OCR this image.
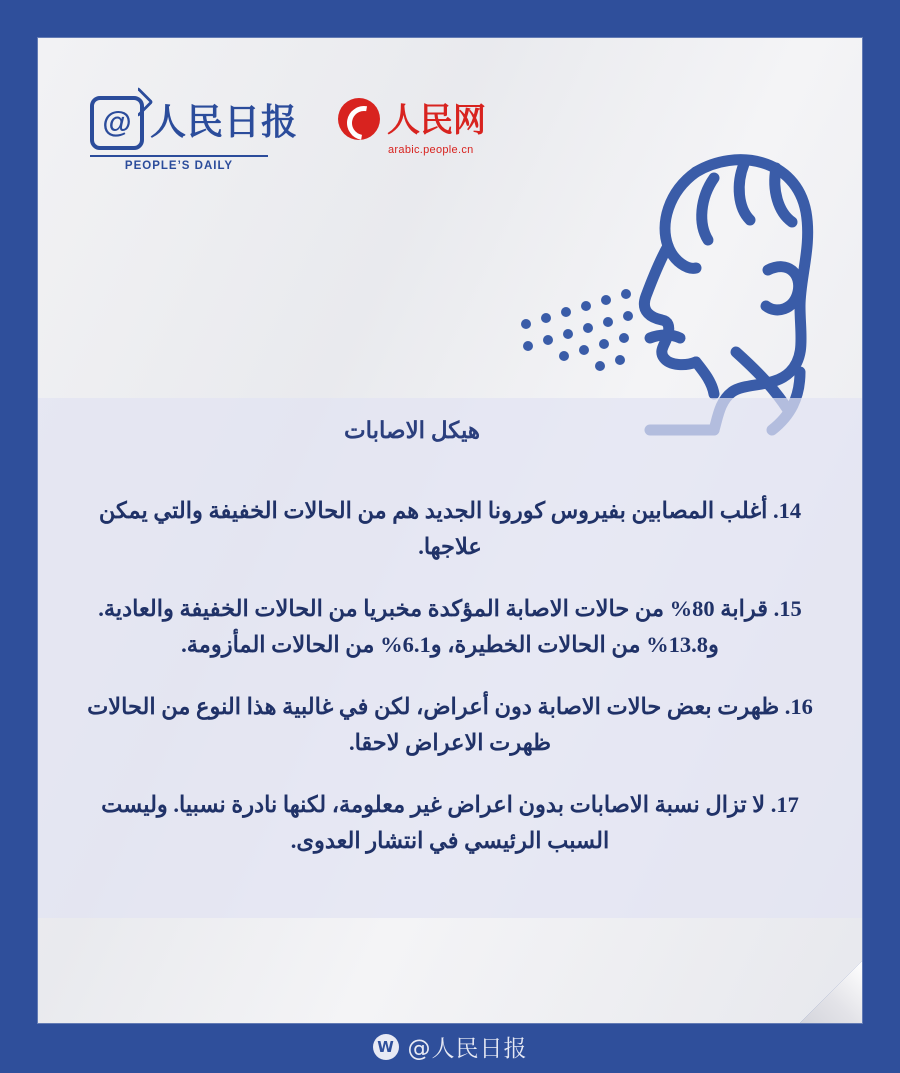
@ 人民日报
PEOPLE’S DAILY
人民网
arabic.people.cn
هيكل الاصابات

14. أغلب المصابين بفيروس كورونا الجديد هم من الحالات الخفيفة والتي يمكن علاجها.

15. قرابة 80% من حالات الاصابة المؤكدة مخبريا من الحالات الخفيفة والعادية. و13.8% من الحالات الخطيرة، و6.1% من الحالات المأزومة.

16. ظهرت بعض حالات الاصابة دون أعراض، لكن في غالبية هذا النوع من الحالات ظهرت الاعراض لاحقا.

17. لا تزال نسبة الاصابات بدون اعراض غير معلومة، لكنها نادرة نسبيا. وليست السبب الرئيسي في انتشار العدوى.

W @人民日报
